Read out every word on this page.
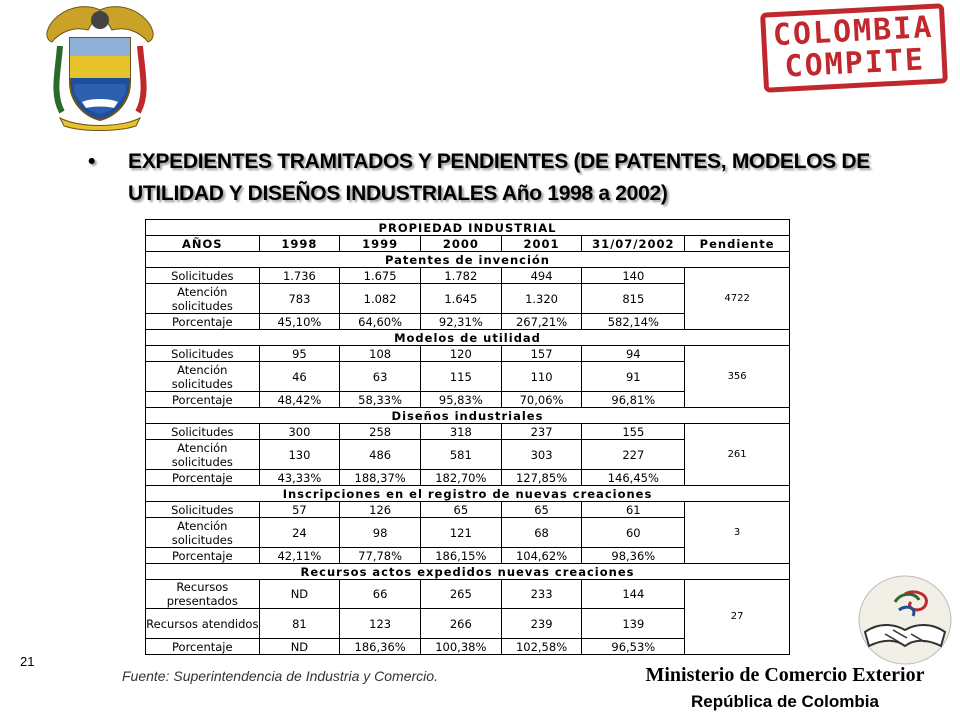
COLOMBIA
COMPITE
• EXPEDIENTES TRAMITADOS Y PENDIENTES (DE PATENTES, MODELOS DE UTILIDAD Y DISEÑOS INDUSTRIALES Año 1998 a 2002)
PROPIEDAD INDUSTRIAL						
AÑOS	1998	1999	2000	2001	31/07/2002	Pendiente
Patentes de invención						
Solicitudes	1.736	1.675	1.782	494	140	4722
Atención solicitudes	783	1.082	1.645	1.320	815	
Porcentaje	45,10%	64,60%	92,31%	267,21%	582,14%	
Modelos de utilidad						
Solicitudes	95	108	120	157	94	356
Atención solicitudes	46	63	115	110	91	
Porcentaje	48,42%	58,33%	95,83%	70,06%	96,81%	
Diseños industriales						
Solicitudes	300	258	318	237	155	261
Atención solicitudes	130	486	581	303	227	
Porcentaje	43,33%	188,37%	182,70%	127,85%	146,45%	
Inscripciones en el registro de nuevas creaciones						
Solicitudes	57	126	65	65	61	3
Atención solicitudes	24	98	121	68	60	
Porcentaje	42,11%	77,78%	186,15%	104,62%	98,36%	
Recursos actos expedidos nuevas creaciones						
Recursos presentados	ND	66	265	233	144	27
Recursos atendidos	81	123	266	239	139	
Porcentaje	ND	186,36%	100,38%	102,58%	96,53%	
21
Fuente: Superintendencia de Industria y Comercio.	Ministerio de Comercio Exterior
República de Colombia
